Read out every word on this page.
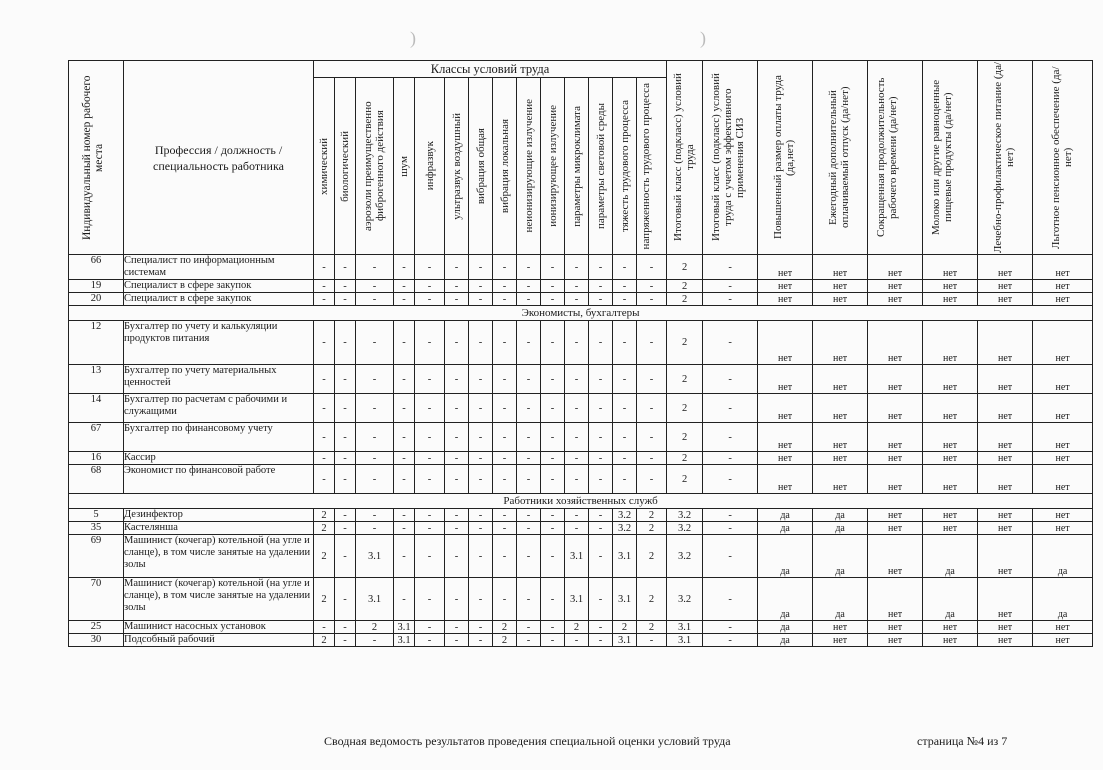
)	)
Индивидуальный номер рабочего места	Профессия / должность / специальность работника	Классы условий труда														Итоговый класс (подкласс) условий труда	Итоговый класс (подкласс) условий труда с учетом эффективного применения СИЗ	Повышенный размер оплаты труда (да,нет)	Ежегодный дополнительный оплачиваемый отпуск (да/нет)	Сокращенная продолжительность рабочего времени (да/нет)	Молоко или другие равноценные пищевые продукты (да/нет)	Лечебно-профилактическое питание (да/нет)	Льготное пенсионное обеспечение (да/нет)

		химический	биологический	аэрозоли преимущественно фиброгенного действия	шум	инфразвук	ультразвук воздушный	вибрация общая	вибрация локальная	неионизирующие излучение	ионизирующее излучение	параметры микроклимата	параметры световой среды	тяжесть трудового процесса	напряженность трудового процесса								

66	Специалист по информационным системам	-	-	-	-	-	-	-	-	-	-	-	-	-	-	2	-	нет	нет	нет	нет	нет	нет
19	Специалист в сфере закупок	-	-	-	-	-	-	-	-	-	-	-	-	-	-	2	-	нет	нет	нет	нет	нет	нет
20	Специалист в сфере закупок	-	-	-	-	-	-	-	-	-	-	-	-	-	-	2	-	нет	нет	нет	нет	нет	нет
Экономисты, бухгалтеры																							
12	Бухгалтер по учету и калькуляции продуктов питания	-	-	-	-	-	-	-	-	-	-	-	-	-	-	2	-	нет	нет	нет	нет	нет	нет
13	Бухгалтер по учету материальных ценностей	-	-	-	-	-	-	-	-	-	-	-	-	-	-	2	-	нет	нет	нет	нет	нет	нет
14	Бухгалтер по расчетам с рабочими и служащими	-	-	-	-	-	-	-	-	-	-	-	-	-	-	2	-	нет	нет	нет	нет	нет	нет
67	Бухгалтер по финансовому учету	-	-	-	-	-	-	-	-	-	-	-	-	-	-	2	-	нет	нет	нет	нет	нет	нет
16	Кассир	-	-	-	-	-	-	-	-	-	-	-	-	-	-	2	-	нет	нет	нет	нет	нет	нет
68	Экономист по финансовой работе	-	-	-	-	-	-	-	-	-	-	-	-	-	-	2	-	нет	нет	нет	нет	нет	нет
Работники хозяйственных служб																							
5	Дезинфектор	2	-	-	-	-	-	-	-	-	-	-	-	3.2	2	3.2	-	да	да	нет	нет	нет	нет
35	Кастелянша	2	-	-	-	-	-	-	-	-	-	-	-	3.2	2	3.2	-	да	да	нет	нет	нет	нет
69	Машинист (кочегар) котельной (на угле и сланце), в том числе занятые на удалении золы	2	-	3.1	-	-	-	-	-	-	-	3.1	-	3.1	2	3.2	-	да	да	нет	да	нет	да
70	Машинист (кочегар) котельной (на угле и сланце), в том числе занятые на удалении золы	2	-	3.1	-	-	-	-	-	-	-	3.1	-	3.1	2	3.2	-	да	да	нет	да	нет	да
25	Машинист насосных установок	-	-	2	3.1	-	-	-	2	-	-	2	-	2	2	3.1	-	да	нет	нет	нет	нет	нет
30	Подсобный рабочий	2	-	-	3.1	-	-	-	2	-	-	-	-	3.1	-	3.1	-	да	нет	нет	нет	нет	нет
Сводная ведомость результатов проведения специальной оценки условий труда	страница №4 из 7
